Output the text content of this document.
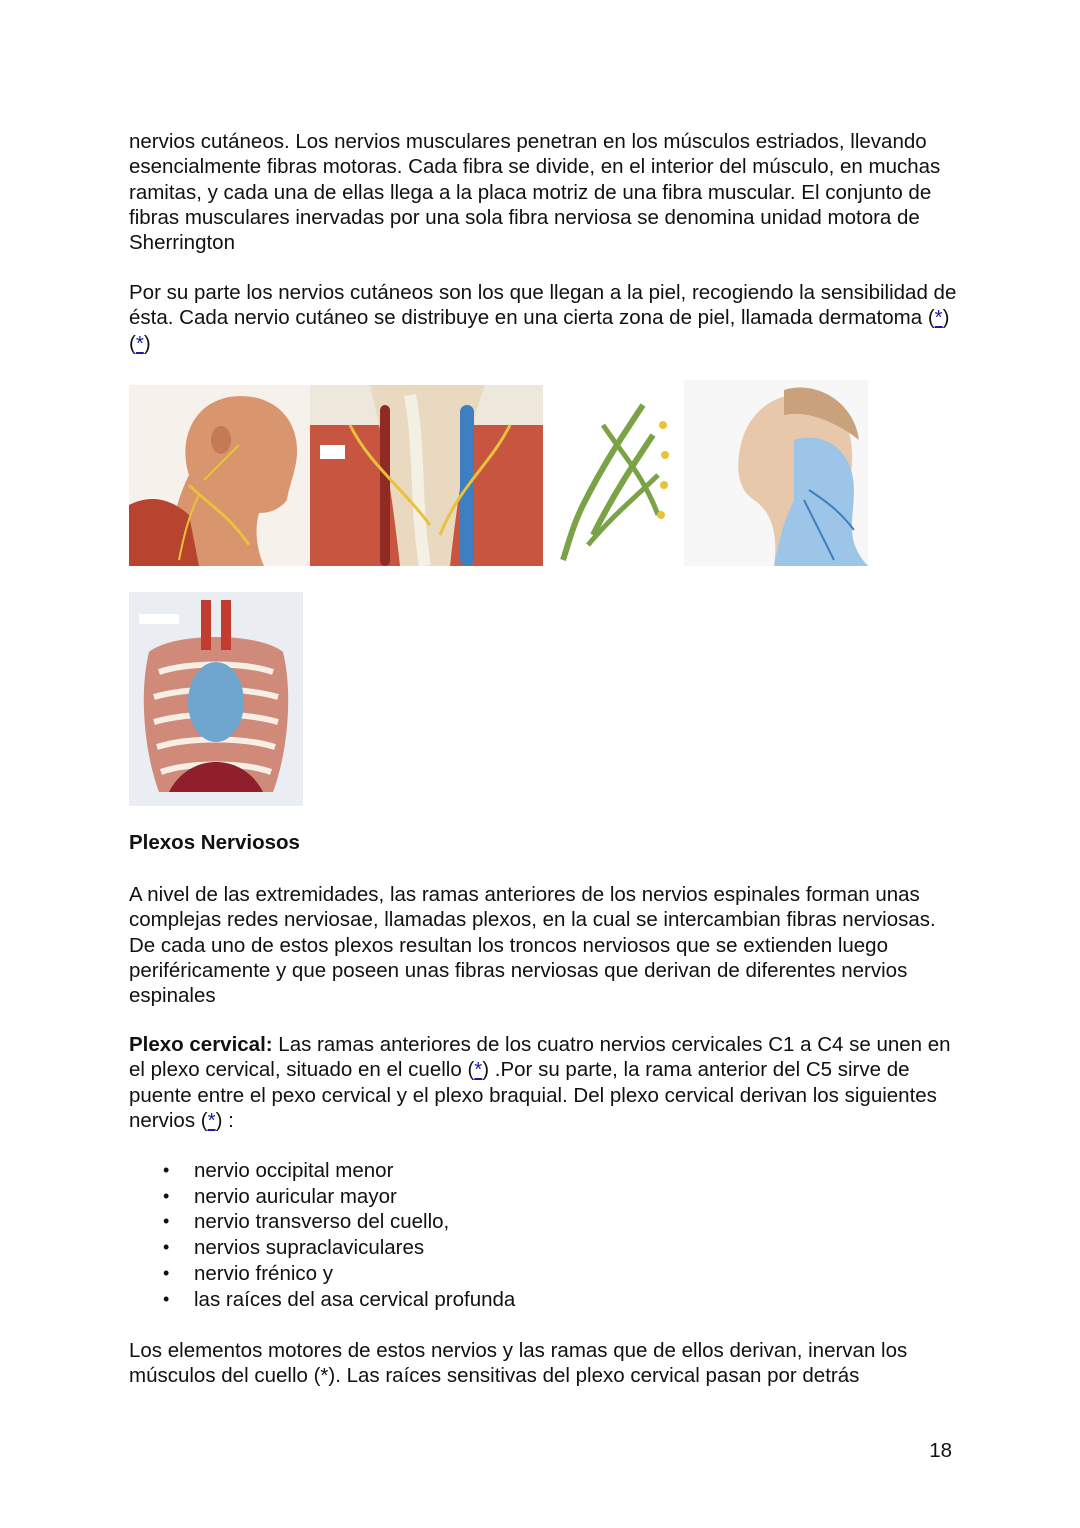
nervios cutáneos. Los nervios musculares penetran en los músculos estriados, llevando esencialmente fibras motoras. Cada fibra se divide, en el interior del músculo, en muchas ramitas, y cada una de ellas llega a la placa motriz de una fibra muscular. El conjunto de fibras musculares inervadas por una sola fibra nerviosa se denomina unidad motora de Sherrington
Por su parte los nervios cutáneos son los que llegan a la piel, recogiendo la sensibilidad de ésta. Cada nervio cutáneo se distribuye en una cierta zona de piel, llamada dermatoma (*) (*)
Plexos Nerviosos
A nivel de las extremidades, las ramas anteriores de los nervios espinales forman unas complejas redes nerviosae, llamadas plexos, en la cual se intercambian fibras nerviosas. De cada uno de estos plexos resultan los troncos nerviosos que se extienden luego periféricamente y que poseen unas fibras nerviosas que derivan de diferentes nervios espinales
Plexo cervical: Las ramas anteriores de los cuatro nervios cervicales C1 a C4 se unen en el plexo cervical, situado en el cuello (*) .Por su parte, la rama anterior del C5 sirve de puente entre el pexo cervical y el plexo braquial. Del plexo cervical derivan los siguientes nervios (*) :
• nervio occipital menor
• nervio auricular mayor
• nervio transverso del cuello,
• nervios supraclaviculares
• nervio frénico y
• las raíces del asa cervical profunda
Los elementos motores de estos nervios y las ramas que de ellos derivan, inervan los músculos del cuello (*). Las raíces sensitivas del plexo cervical pasan por detrás
18
